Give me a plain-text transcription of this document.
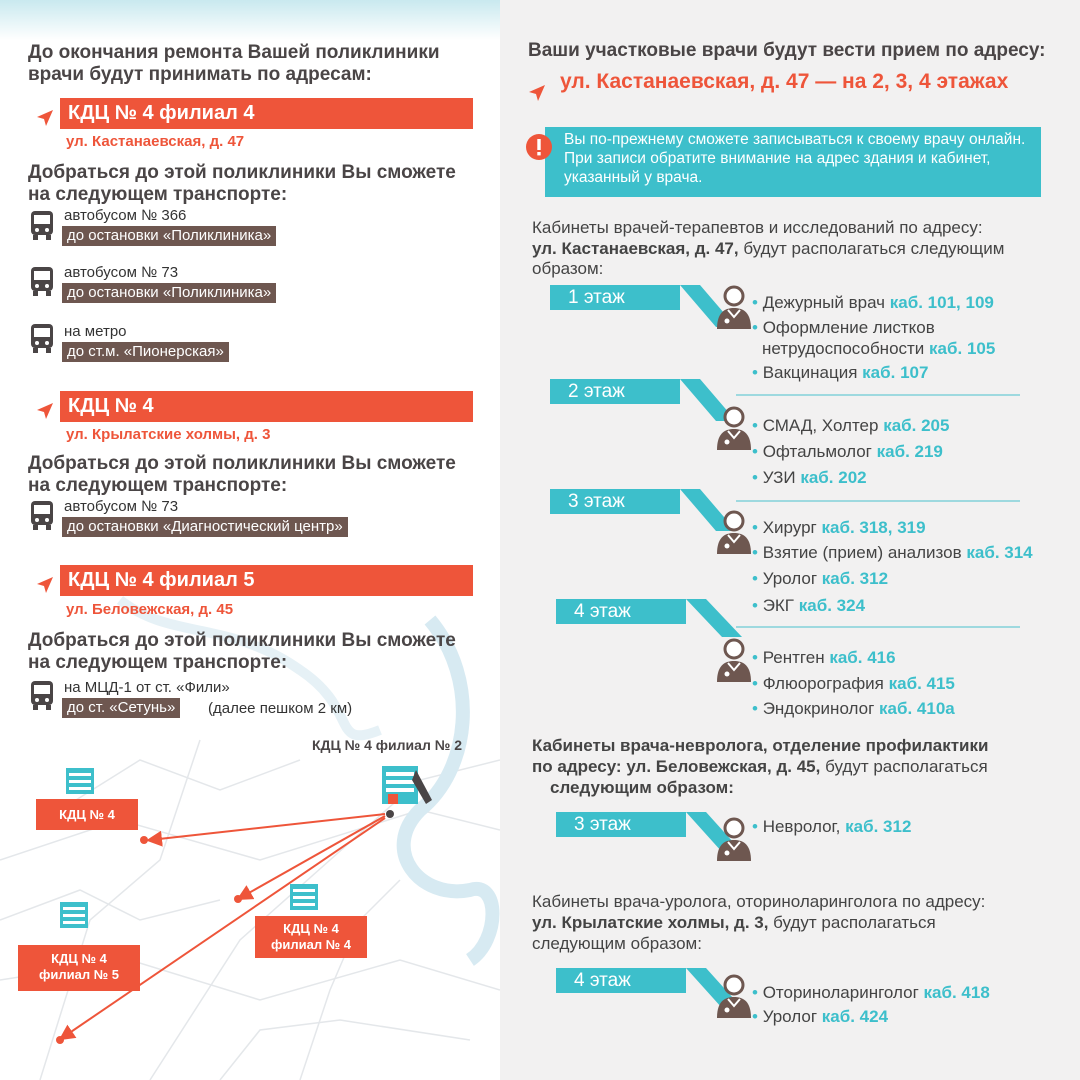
До окончания ремонта Вашей поликлиники врачи будут принимать по адресам:
КДЦ № 4 филиал 4
ул. Кастанаевская, д. 47
Добраться до этой поликлиники Вы сможете на следующем транспорте:
автобусом № 366
до остановки «Поликлиника»
автобусом № 73
до остановки «Поликлиника»
на метро
до ст.м. «Пионерская»
КДЦ № 4
ул. Крылатские холмы, д. 3
Добраться до этой поликлиники Вы сможете на следующем транспорте:
автобусом № 73
до остановки «Диагностический центр»
КДЦ № 4 филиал 5
ул. Беловежская, д. 45
Добраться до этой поликлиники Вы сможете на следующем транспорте:
на МЦД-1 от ст. «Фили»
до ст. «Сетунь»	(далее пешком 2 км)
КДЦ № 4 филиал № 2
КДЦ № 4
КДЦ № 4
филиал № 4
КДЦ № 4
филиал № 5
Ваши участковые врачи будут вести прием по адресу:
ул. Кастанаевская, д. 47 — на 2, 3, 4 этажах
Вы по-прежнему сможете записываться к своему врачу онлайн. При записи обратите внимание на адрес здания и кабинет, указанный у врача.
Кабинеты врачей-терапевтов и исследований по адресу:
ул. Кастанаевская, д. 47, будут располагаться следующим
образом:
1 этаж	• Дежурный врач каб. 101, 109
• Оформление листков
нетрудоспособности каб. 105
• Вакцинация каб. 107
2 этаж
• СМАД, Холтер каб. 205
• Офтальмолог каб. 219
• УЗИ каб. 202
3 этаж
• Хирург каб. 318, 319
• Взятие (прием) анализов каб. 314
• Уролог каб. 312
• ЭКГ каб. 324
4 этаж
• Рентген каб. 416
• Флюорография каб. 415
• Эндокринолог каб. 410а
Кабинеты врача-невролога, отделение профилактики
по адресу: ул. Беловежская, д. 45, будут располагаться
следующим образом:
3 этаж	• Невролог, каб. 312
Кабинеты врача-уролога, оториноларинголога по адресу:
ул. Крылатские холмы, д. 3, будут располагаться
следующим образом:
4 этаж
• Оториноларинголог каб. 418
• Уролог каб. 424
